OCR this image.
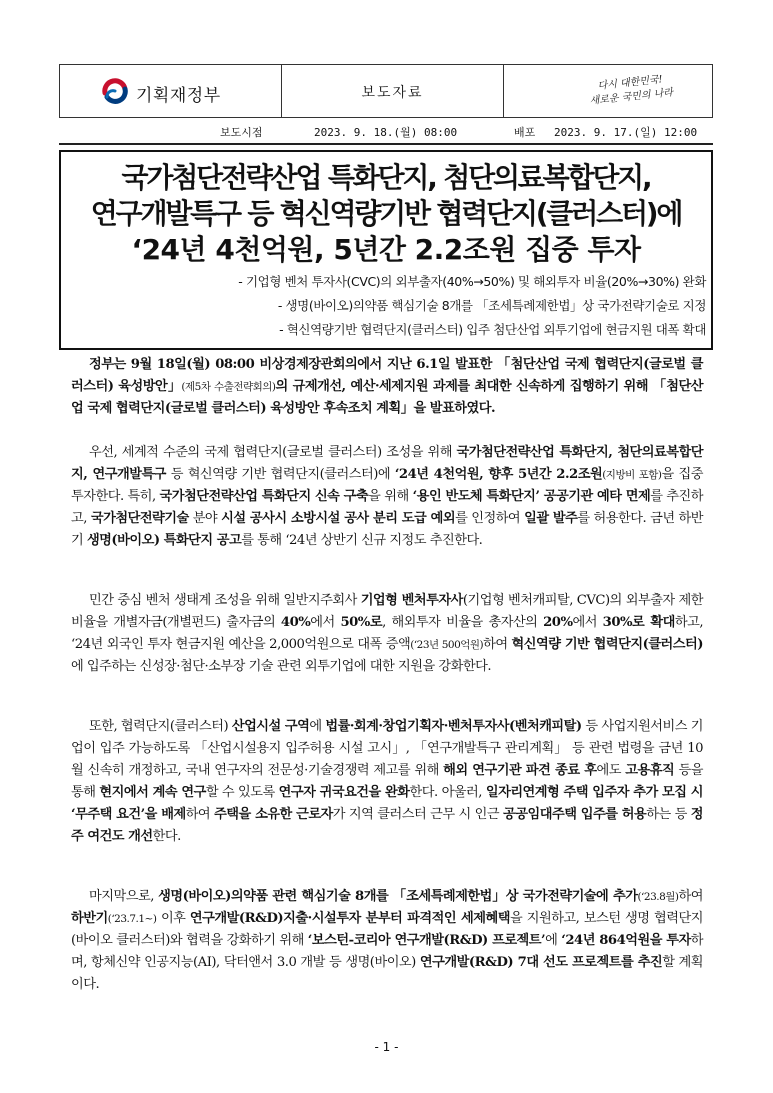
기획재정부	보도자료
다시 대한민국!
새로운 국민의 나라
보도시점	2023. 9. 18.(월) 08:00	배포 2023. 9. 17.(일) 12:00
국가첨단전략산업 특화단지, 첨단의료복합단지,
연구개발특구 등 혁신역량기반 협력단지(클러스터)에
‘24년 4천억원, 5년간 2.2조원 집중 투자
- 기업형 벤처 투자사(CVC)의 외부출자(40%→50%) 및 해외투자 비율(20%→30%) 완화
- 생명(바이오)의약품 핵심기술 8개를 「조세특례제한법」상 국가전략기술로 지정
- 혁신역량기반 협력단지(클러스터) 입주 첨단산업 외투기업에 현금지원 대폭 확대
정부는 9월 18일(월) 08:00 비상경제장관회의에서 지난 6.1일 발표한 「첨단산업 국제 협력단지(글로벌 클러스터) 육성방안」(제5차 수출전략회의)의 규제개선, 예산·세제지원 과제를 최대한 신속하게 집행하기 위해 「첨단산업 국제 협력단지(글로벌 클러스터) 육성방안 후속조치 계획」을 발표하였다.
우선, 세계적 수준의 국제 협력단지(글로벌 클러스터) 조성을 위해 국가첨단전략산업 특화단지, 첨단의료복합단지, 연구개발특구 등 혁신역량 기반 협력단지(클러스터)에 ‘24년 4천억원, 향후 5년간 2.2조원(지방비 포함)을 집중 투자한다. 특히, 국가첨단전략산업 특화단지 신속 구축을 위해 ‘용인 반도체 특화단지’ 공공기관 예타 면제를 추진하고, 국가첨단전략기술 분야 시설 공사시 소방시설 공사 분리 도급 예외를 인정하여 일괄 발주를 허용한다. 금년 하반기 생명(바이오) 특화단지 공고를 통해 ‘24년 상반기 신규 지정도 추진한다.
민간 중심 벤처 생태계 조성을 위해 일반지주회사 기업형 벤처투자사(기업형 벤처캐피탈, CVC)의 외부출자 제한 비율을 개별자금(개별펀드) 출자금의 40%에서 50%로, 해외투자 비율을 총자산의 20%에서 30%로 확대하고, ‘24년 외국인 투자 현금지원 예산을 2,000억원으로 대폭 증액(‘23년 500억원)하여 혁신역량 기반 협력단지(클러스터)에 입주하는 신성장·첨단·소부장 기술 관련 외투기업에 대한 지원을 강화한다.
또한, 협력단지(클러스터) 산업시설 구역에 법률·회계·창업기획자·벤처투자사(벤처캐피탈) 등 사업지원서비스 기업이 입주 가능하도록 「산업시설용지 입주허용 시설 고시」, 「연구개발특구 관리계획」 등 관련 법령을 금년 10월 신속히 개정하고, 국내 연구자의 전문성·기술경쟁력 제고를 위해 해외 연구기관 파견 종료 후에도 고용휴직 등을 통해 현지에서 계속 연구할 수 있도록 연구자 귀국요건을 완화한다. 아울러, 일자리연계형 주택 입주자 추가 모집 시 ‘무주택 요건’을 배제하여 주택을 소유한 근로자가 지역 클러스터 근무 시 인근 공공임대주택 입주를 허용하는 등 정주 여건도 개선한다.
마지막으로, 생명(바이오)의약품 관련 핵심기술 8개를 「조세특례제한법」상 국가전략기술에 추가(‘23.8월)하여 하반기(‘23.7.1~) 이후 연구개발(R&D)지출·시설투자 분부터 파격적인 세제혜택을 지원하고, 보스턴 생명 협력단지(바이오 클러스터)와 협력을 강화하기 위해 ‘보스턴-코리아 연구개발(R&D) 프로젝트’에 ‘24년 864억원을 투자하며, 항체신약 인공지능(AI), 닥터앤서 3.0 개발 등 생명(바이오) 연구개발(R&D) 7대 선도 프로젝트를 추진할 계획이다.
- 1 -
